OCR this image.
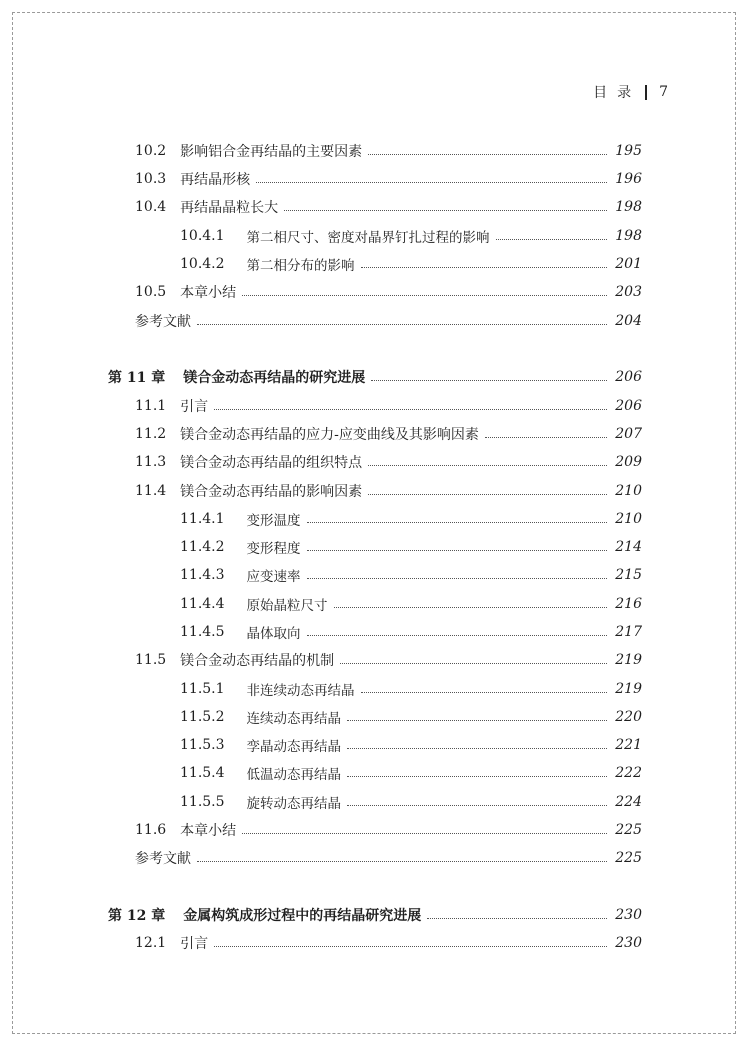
目录 7
10.2 影响铝合金再结晶的主要因素	195
10.3 再结晶形核	196
10.4 再结晶晶粒长大	198
10.4.1 第二相尺寸、密度对晶界钉扎过程的影响	198
10.4.2 第二相分布的影响	201
10.5 本章小结	203
参考文献	204
第 11 章 镁合金动态再结晶的研究进展	206
11.1 引言	206
11.2 镁合金动态再结晶的应力-应变曲线及其影响因素	207
11.3 镁合金动态再结晶的组织特点	209
11.4 镁合金动态再结晶的影响因素	210
11.4.1 变形温度	210
11.4.2 变形程度	214
11.4.3 应变速率	215
11.4.4 原始晶粒尺寸	216
11.4.5 晶体取向	217
11.5 镁合金动态再结晶的机制	219
11.5.1 非连续动态再结晶	219
11.5.2 连续动态再结晶	220
11.5.3 孪晶动态再结晶	221
11.5.4 低温动态再结晶	222
11.5.5 旋转动态再结晶	224
11.6 本章小结	225
参考文献	225
第 12 章 金属构筑成形过程中的再结晶研究进展	230
12.1 引言	230
